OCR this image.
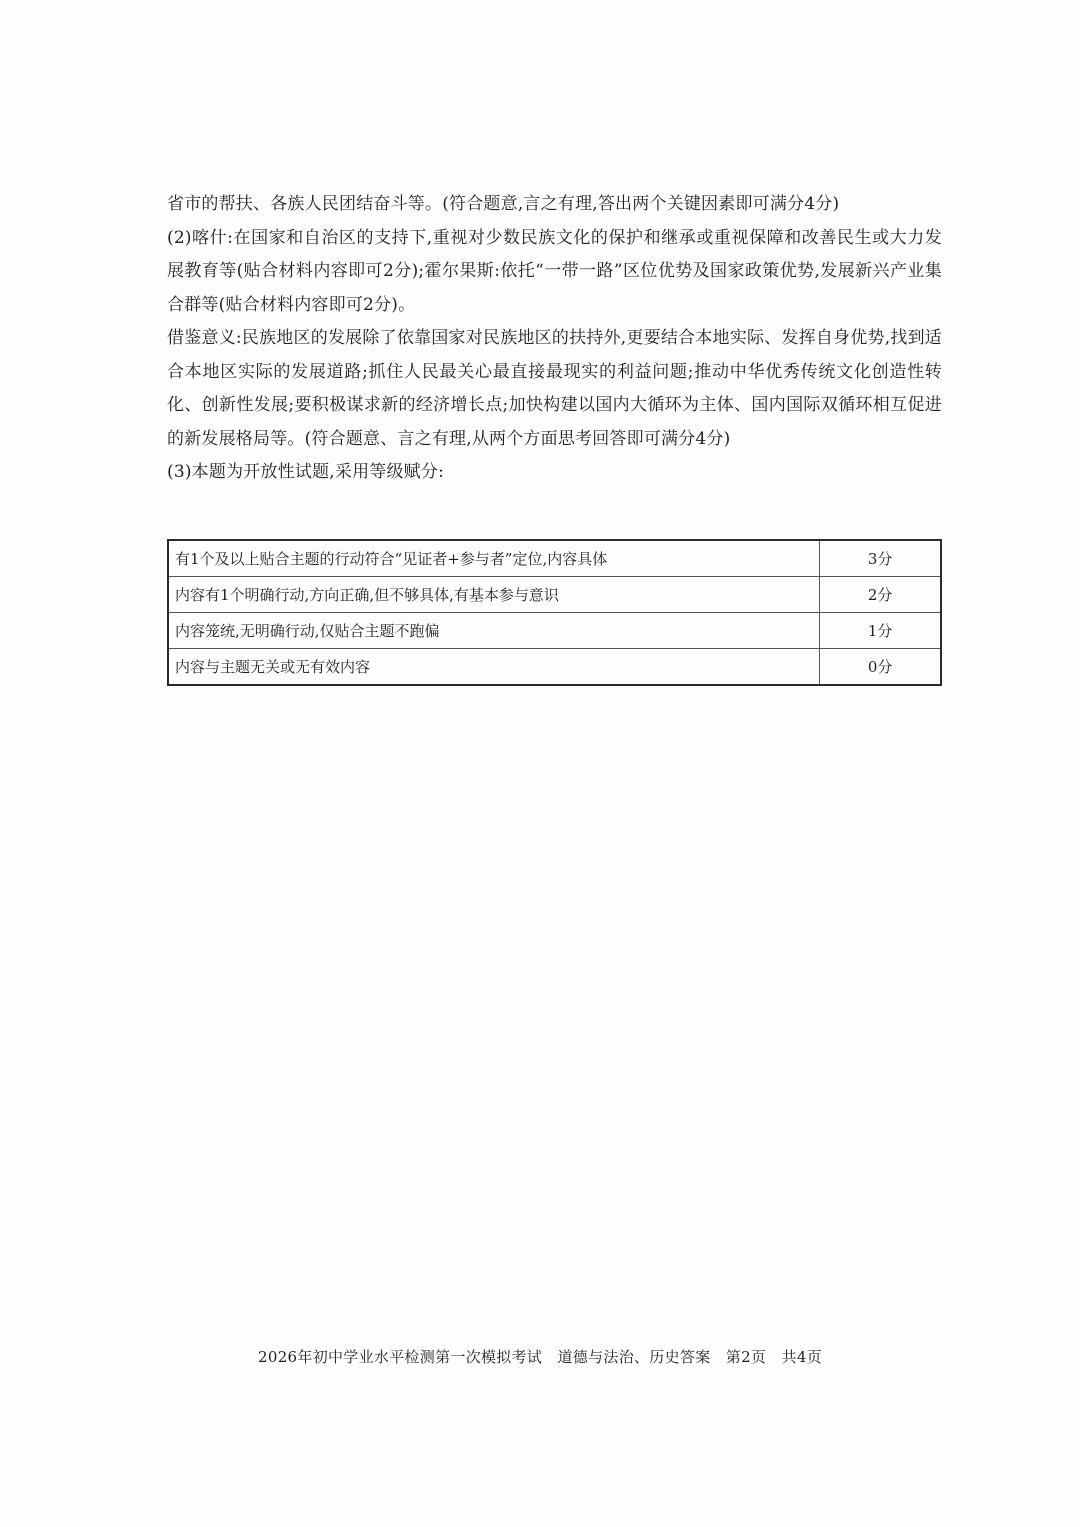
省市的帮扶、各族人民团结奋斗等。(符合题意,言之有理,答出两个关键因素即可满分4分)

(2)喀什:在国家和自治区的支持下,重视对少数民族文化的保护和继承或重视保障和改善民生或大力发展教育等(贴合材料内容即可2分);霍尔果斯:依托“一带一路”区位优势及国家政策优势,发展新兴产业集合群等(贴合材料内容即可2分)。

借鉴意义:民族地区的发展除了依靠国家对民族地区的扶持外,更要结合本地实际、发挥自身优势,找到适合本地区实际的发展道路;抓住人民最关心最直接最现实的利益问题;推动中华优秀传统文化创造性转化、创新性发展;要积极谋求新的经济增长点;加快构建以国内大循环为主体、国内国际双循环相互促进的新发展格局等。(符合题意、言之有理,从两个方面思考回答即可满分4分)

(3)本题为开放性试题,采用等级赋分:

有1个及以上贴合主题的行动符合“见证者+参与者”定位,内容具体	3分
内容有1个明确行动,方向正确,但不够具体,有基本参与意识	2分
内容笼统,无明确行动,仅贴合主题不跑偏	1分
内容与主题无关或无有效内容	0分
2026年初中学业水平检测第一次模拟考试　道德与法治、历史答案　第2页　共4页
